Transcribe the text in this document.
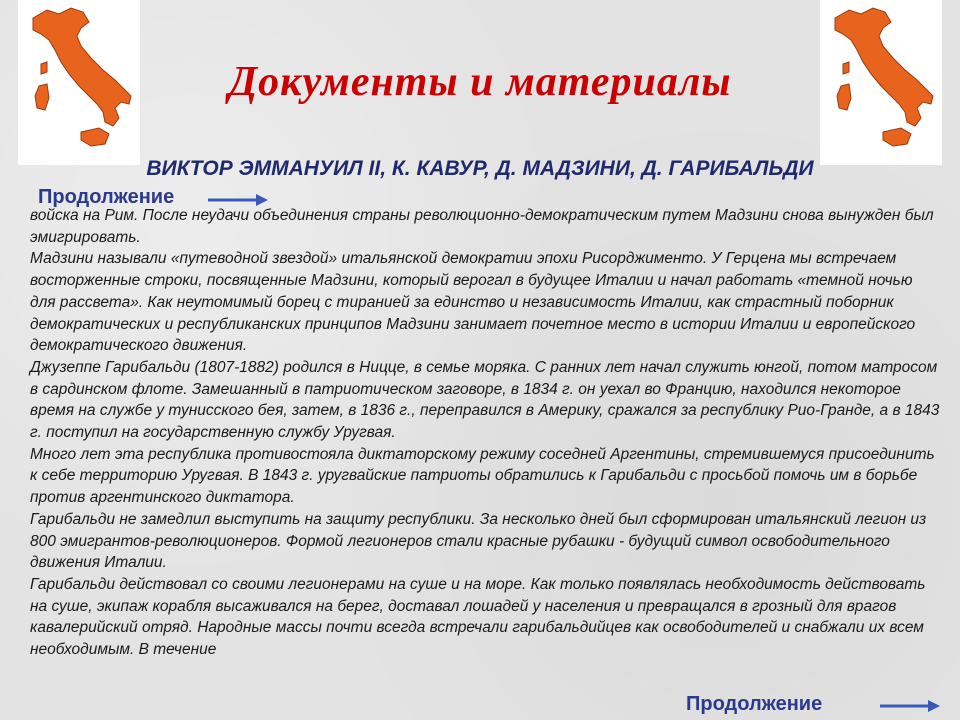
Документы и материалы
ВИКТОР ЭММАНУИЛ II, К. КАВУР, Д. МАДЗИНИ, Д. ГАРИБАЛЬДИ
Продолжение

войска на Рим. После неудачи объединения страны революционно-демократическим путем Мадзини снова вынужден был эмигрировать.

Мадзини называли «путеводной звездой» итальянской демократии эпохи Рисорджименто. У Герцена мы встречаем восторженные строки, посвященные Мадзини, который верогал в будущее Италии и начал работать «темной ночью для рассвета». Как неутомимый борец с тиранией за единство и независимость Италии, как страстный поборник демократических и республиканских принципов Мадзини занимает почетное место в истории Италии и европейского демократического движения.

Джузеппе Гарибальди (1807-1882) родился в Ницце, в семье моряка. С ранних лет начал служить юнгой, потом матросом в сардинском флоте. Замешанный в патриотическом заговоре, в 1834 г. он уехал во Францию, находился некоторое время на службе у тунисского бея, затем, в 1836 г., переправился в Америку, сражался за республику Рио-Гранде, а в 1843 г. поступил на государственную службу Уругвая.

Много лет эта республика противостояла диктаторскому режиму соседней Аргентины, стремившемуся присоединить к себе территорию Уругвая. В 1843 г. уругвайские патриоты обратились к Гарибальди с просьбой помочь им в борьбе против аргентинского диктатора.

Гарибальди не замедлил выступить на защиту республики. За несколько дней был сформирован итальянский легион из 800 эмигрантов-революционеров. Формой легионеров стали красные рубашки - будущий символ освободительного движения Италии.

Гарибальди действовал со своими легионерами на суше и на море. Как только появлялась необходимость действовать на суше, экипаж корабля высаживался на берег, доставал лошадей у населения и превращался в грозный для врагов кавалерийский отряд. Народные массы почти всегда встречали гарибальдийцев как освободителей и снабжали их всем необходимым. В течение

Продолжение
